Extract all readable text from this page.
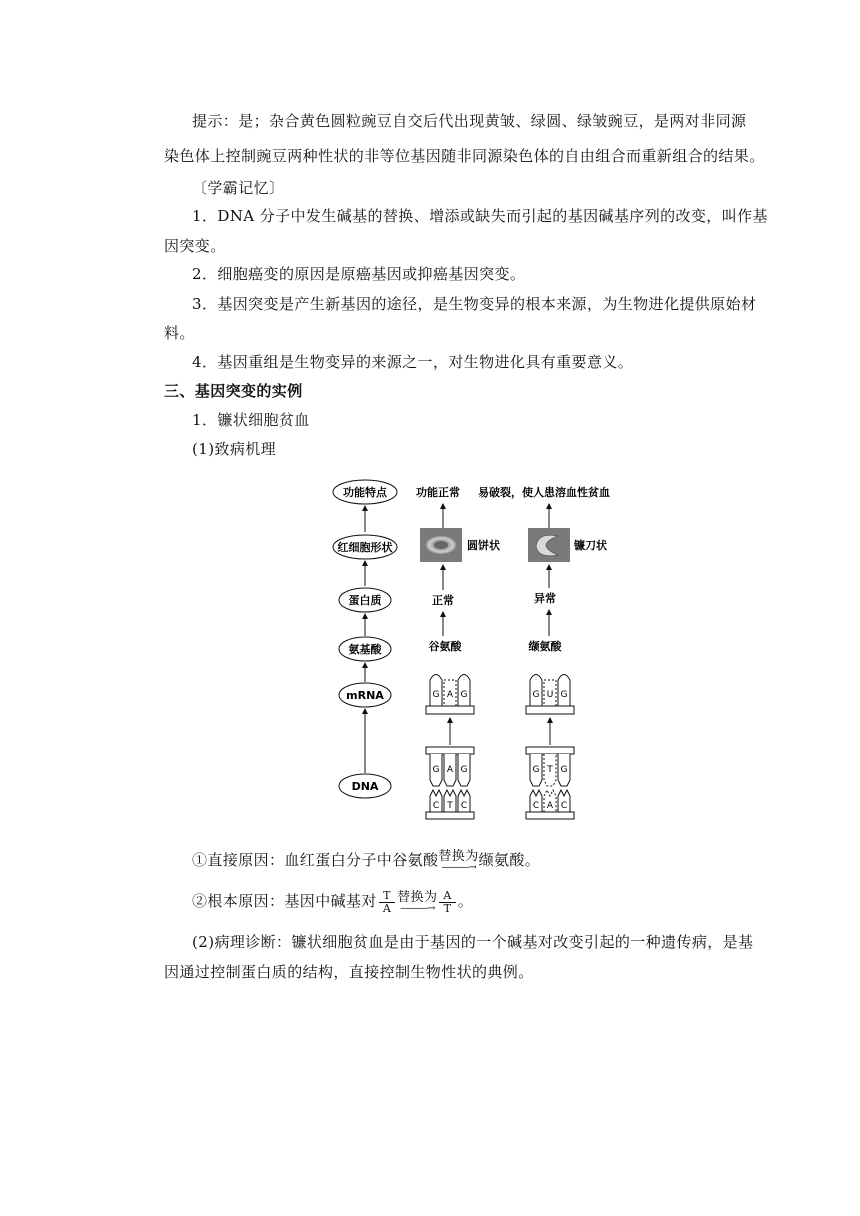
提示：是；杂合黄色圆粒豌豆自交后代出现黄皱、绿圆、绿皱豌豆，是两对非同源
染色体上控制豌豆两种性状的非等位基因随非同源染色体的自由组合而重新组合的结果。
〔学霸记忆〕
1．DNA 分子中发生碱基的替换、增添或缺失而引起的基因碱基序列的改变，叫作基
因突变。
2．细胞癌变的原因是原癌基因或抑癌基因突变。
3．基因突变是产生新基因的途径，是生物变异的根本来源，为生物进化提供原始材
料。
4．基因重组是生物变异的来源之一，对生物进化具有重要意义。
三、基因突变的实例
1．镰状细胞贫血
(1)致病机理
功能特点
红细胞形状
蛋白质
氨基酸
mRNA
DNA
功能正常
圆饼状
正常
谷氨酸
G A G
G A G
C T C
易破裂，使人患溶血性贫血
镰刀状
异常
缬氨酸
G U G
G T G
C A C
①直接原因：血红蛋白分子中谷氨酸 替换为
———→ 缬氨酸。
②根本原因：基因中碱基对 $\frac{T}{A}$ 替换为
———→ $\frac{A}{T}$ 。
(2)病理诊断：镰状细胞贫血是由于基因的一个碱基对改变引起的一种遗传病，是基
因通过控制蛋白质的结构，直接控制生物性状的典例。
